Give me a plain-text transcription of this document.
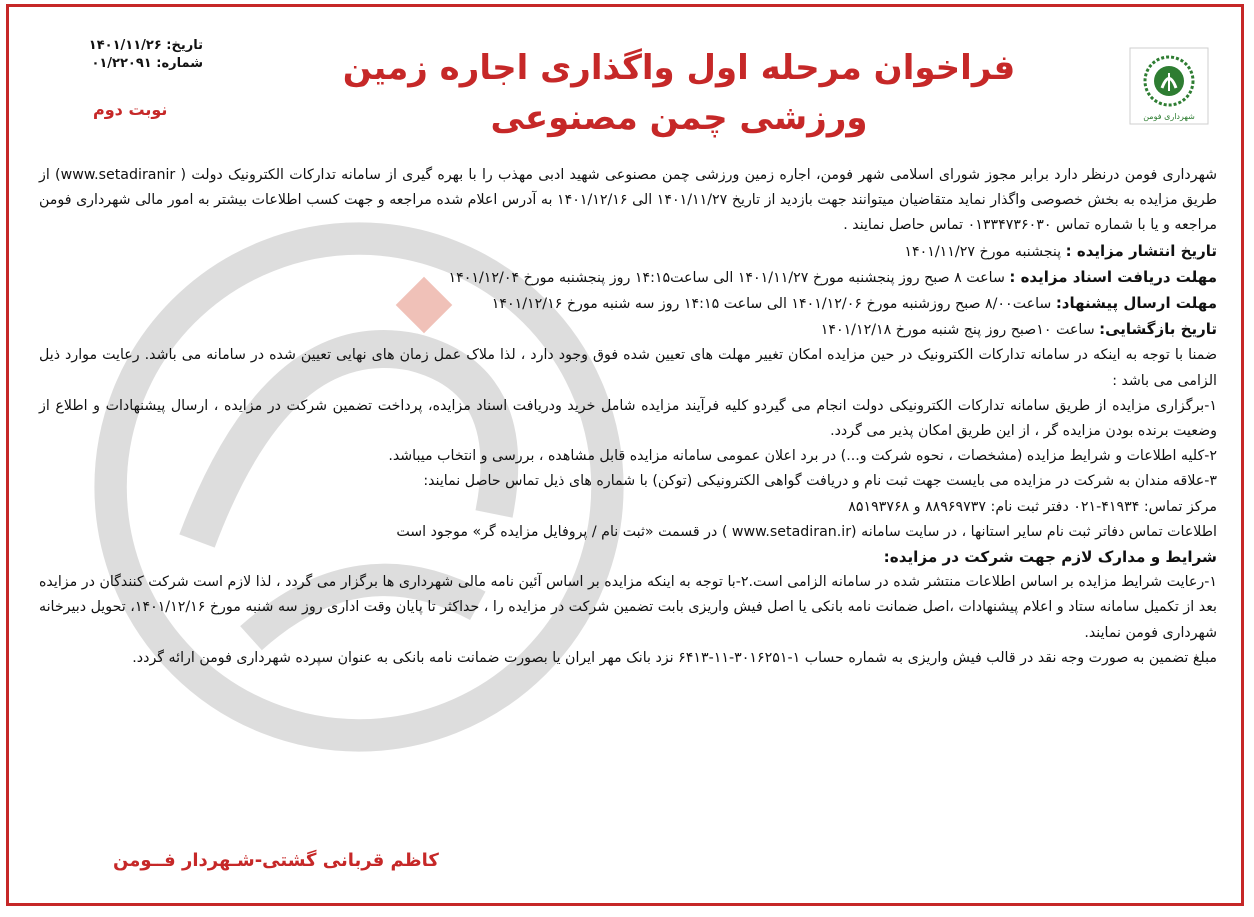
شهرداری فومن
تاریخ: ۱۴۰۱/۱۱/۲۶
شماره: ۰۱/۲۲۰۹۱
نوبت دوم
فراخوان مرحله اول واگذاری اجاره زمین
ورزشی چمن مصنوعی

شهرداری فومن درنظر دارد برابر مجوز شورای اسلامی شهر فومن، اجاره زمین ورزشی چمن مصنوعی شهید ادبی مهذب را با بهره گیری از سامانه تدارکات الکترونیک دولت ( www.setadiranir) از طریق مزایده به بخش خصوصی واگذار نماید متقاضیان میتوانند جهت بازدید از تاریخ ۱۴۰۱/۱۱/۲۷ الی ۱۴۰۱/۱۲/۱۶ به آدرس اعلام شده مراجعه و جهت کسب اطلاعات بیشتر به امور مالی شهرداری فومن مراجعه و یا با شماره تماس ۰۱۳۳۴۷۳۶۰۳۰ تماس حاصل نمایند .

تاریخ انتشار مزایده : پنجشنبه مورخ ۱۴۰۱/۱۱/۲۷

مهلت دریافت اسناد مزایده : ساعت ۸ صبح روز پنجشنبه مورخ ۱۴۰۱/۱۱/۲۷ الی ساعت۱۴:۱۵ روز پنجشنبه مورخ ۱۴۰۱/۱۲/۰۴

مهلت ارسال پیشنهاد: ساعت۸/۰۰ صبح روزشنبه مورخ ۱۴۰۱/۱۲/۰۶ الی ساعت ۱۴:۱۵ روز سه شنبه مورخ ۱۴۰۱/۱۲/۱۶

تاریخ بازگشایی: ساعت ۱۰صبح روز پنج شنبه مورخ ۱۴۰۱/۱۲/۱۸

ضمنا با توجه به اینکه در سامانه تدارکات الکترونیک در حین مزایده امکان تغییر مهلت های تعیین شده فوق وجود دارد ، لذا ملاک عمل زمان های نهایی تعیین شده در سامانه می باشد. رعایت موارد ذیل الزامی می باشد :

۱-برگزاری مزایده از طریق سامانه تدارکات الکترونیکی دولت انجام می گیردو کلیه فرآیند مزایده شامل خرید ودریافت اسناد مزایده، پرداخت تضمین شرکت در مزایده ، ارسال پیشنهادات و اطلاع از وضعیت برنده بودن مزایده گر ، از این طریق امکان پذیر می گردد.

۲-کلیه اطلاعات و شرایط مزایده (مشخصات ، نحوه شرکت و...) در برد اعلان عمومی سامانه مزایده قابل مشاهده ، بررسی و انتخاب میباشد.

۳-علاقه مندان به شرکت در مزایده می بایست جهت ثبت نام و دریافت گواهی الکترونیکی (توکن) با شماره های ذیل تماس حاصل نمایند:

مرکز تماس: ۴۱۹۳۴-۰۲۱ دفتر ثبت نام: ۸۸۹۶۹۷۳۷ و ۸۵۱۹۳۷۶۸

اطلاعات تماس دفاتر ثبت نام سایر استانها ، در سایت سامانه (www.setadiran.ir ) در قسمت «ثبت نام / پروفایل مزایده گر» موجود است

شرایط و مدارک لازم جهت شرکت در مزایده:

۱-رعایت شرایط مزایده بر اساس اطلاعات منتشر شده در سامانه الزامی است.۲-با توجه به اینکه مزایده بر اساس آئین نامه مالی شهرداری ها برگزار می گردد ، لذا لازم است شرکت کنندگان در مزایده بعد از تکمیل سامانه ستاد و اعلام پیشنهادات ،اصل ضمانت نامه بانکی یا اصل فیش واریزی بابت تضمین شرکت در مزایده را ، حداکثر تا پایان وقت اداری روز سه شنبه مورخ ۱۴۰۱/۱۲/۱۶، تحویل دبیرخانه شهرداری فومن نمایند.

مبلغ تضمین به صورت وجه نقد در قالب فیش واریزی به شماره حساب ۱-۳۰۱۶۲۵۱-۱۱-۶۴۱۳ نزد بانک مهر ایران یا بصورت ضمانت نامه بانکی به عنوان سپرده شهرداری فومن ارائه گردد.

کاظم قربانی گشتی-شـهردار فــومن
